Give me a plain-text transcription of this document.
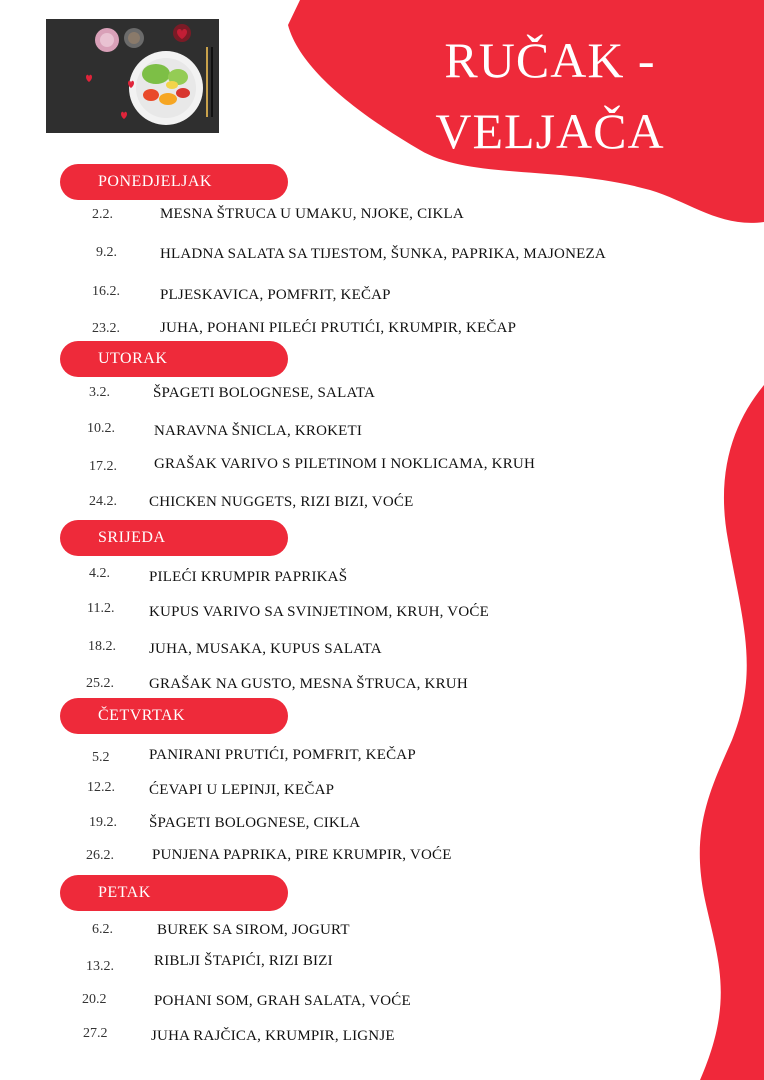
RUČAK -
VELJAČA
PONEDJELJAK
2.2.	MESNA ŠTRUCA U UMAKU, NJOKE, CIKLA
9.2.	HLADNA SALATA SA TIJESTOM, ŠUNKA, PAPRIKA, MAJONEZA
16.2.	PLJESKAVICA, POMFRIT, KEČAP
23.2.	JUHA, POHANI PILEĆI PRUTIĆI, KRUMPIR, KEČAP
UTORAK
3.2.	ŠPAGETI BOLOGNESE, SALATA
10.2.	NARAVNA ŠNICLA, KROKETI
17.2. GRAŠAK VARIVO S PILETINOM I NOKLICAMA, KRUH
24.2. CHICKEN NUGGETS, RIZI BIZI, VOĆE
SRIJEDA
4.2.	PILEĆI KRUMPIR PAPRIKAŠ
11.2. KUPUS VARIVO SA SVINJETINOM, KRUH, VOĆE
18.2. JUHA, MUSAKA, KUPUS SALATA
25.2. GRAŠAK NA GUSTO, MESNA ŠTRUCA, KRUH
ČETVRTAK
5.2	PANIRANI PRUTIĆI, POMFRIT, KEČAP
12.2. ĆEVAPI U LEPINJI, KEČAP
19.2. ŠPAGETI BOLOGNESE, CIKLA
26.2.	PUNJENA PAPRIKA, PIRE KRUMPIR, VOĆE
PETAK
6.2.	BUREK SA SIROM, JOGURT
13.2.	RIBLJI ŠTAPIĆI, RIZI BIZI
20.2	POHANI SOM, GRAH SALATA, VOĆE
27.2	JUHA RAJČICA, KRUMPIR, LIGNJE
